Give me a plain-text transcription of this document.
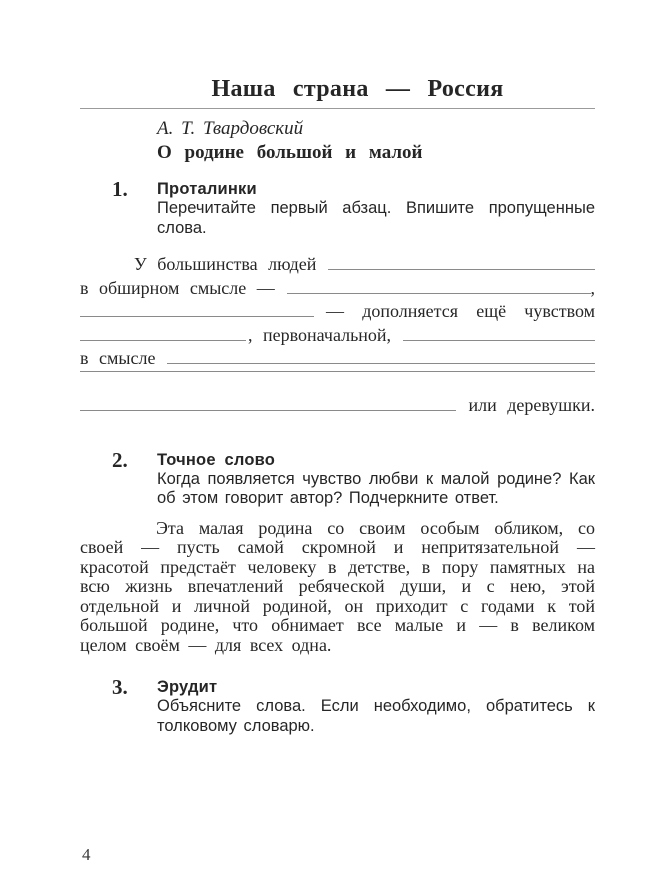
Наша страна — Россия
А. Т. Твардовский
О родине большой и малой
1.	Проталинки
Перечитайте первый абзац. Впишите пропущенные слова.
У большинства людей
в обширном смысле —	,
— дополняется ещё чувством
, первоначальной,
в смысле
или деревушки.
2.	Точное слово
Когда появляется чувство любви к малой родине? Как об этом говорит автор? Подчеркните ответ.
Эта малая родина со своим особым обликом, со своей — пусть самой скромной и непритязательной — красотой предстаёт человеку в детстве, в пору памятных на всю жизнь впечатлений ребяческой души, и с нею, этой отдельной и личной родиной, он приходит с годами к той большой родине, что обнимает все малые и — в великом целом своём — для всех одна.
3.	Эрудит
Объясните слова. Если необходимо, обратитесь к толковому словарю.
4
